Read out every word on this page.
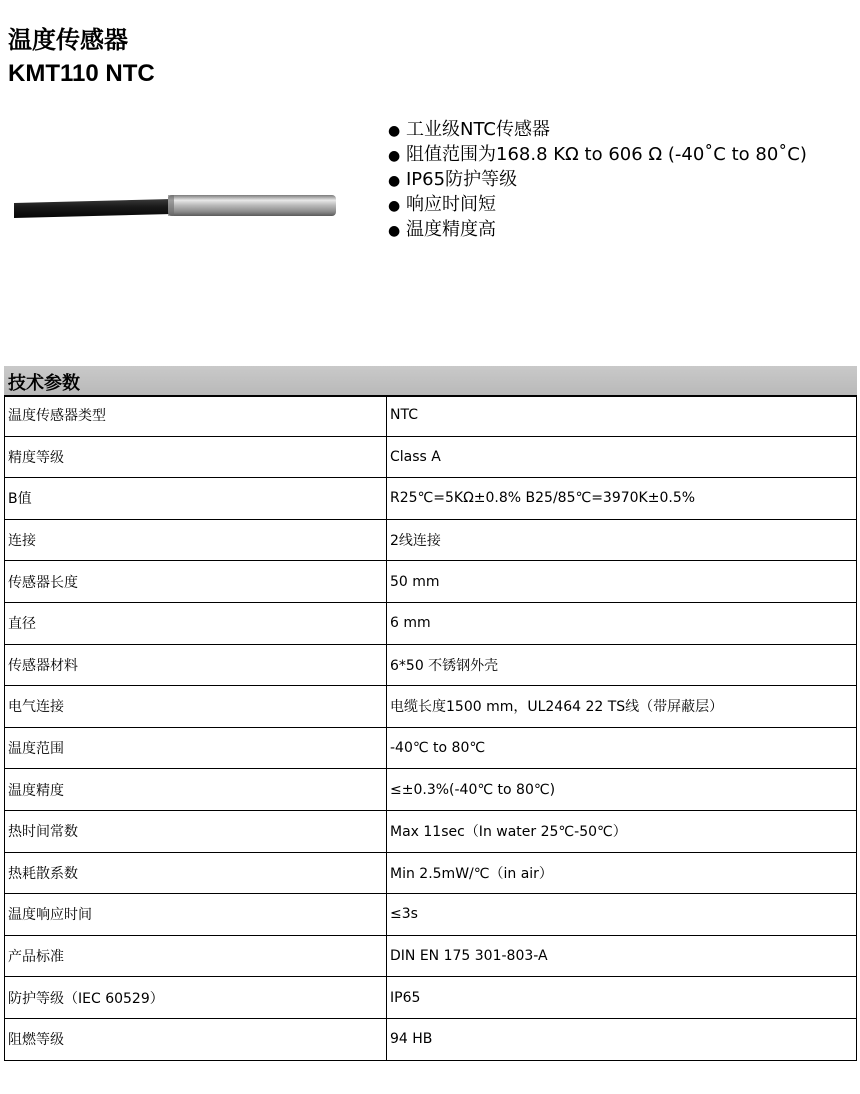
温度传感器
KMT110 NTC
● 工业级NTC传感器
● 阻值范围为168.8 KΩ to 606 Ω (-40˚C to 80˚C)
● IP65防护等级
● 响应时间短
● 温度精度高
技术参数
温度传感器类型	NTC
精度等级	Class A
B值	R25℃=5KΩ±0.8% B25/85℃=3970K±0.5%
连接	2线连接
传感器长度	50 mm
直径	6 mm
传感器材料	6*50 不锈钢外壳
电气连接	电缆长度1500 mm，UL2464 22 TS线（带屏蔽层）
温度范围	-40℃ to 80℃
温度精度	≤±0.3%(-40℃ to 80℃)
热时间常数	Max 11sec（In water 25℃-50℃）
热耗散系数	Min 2.5mW/℃（in air）
温度响应时间	≤3s
产品标准	DIN EN 175 301-803-A
防护等级（IEC 60529）	IP65
阻燃等级	94 HB
